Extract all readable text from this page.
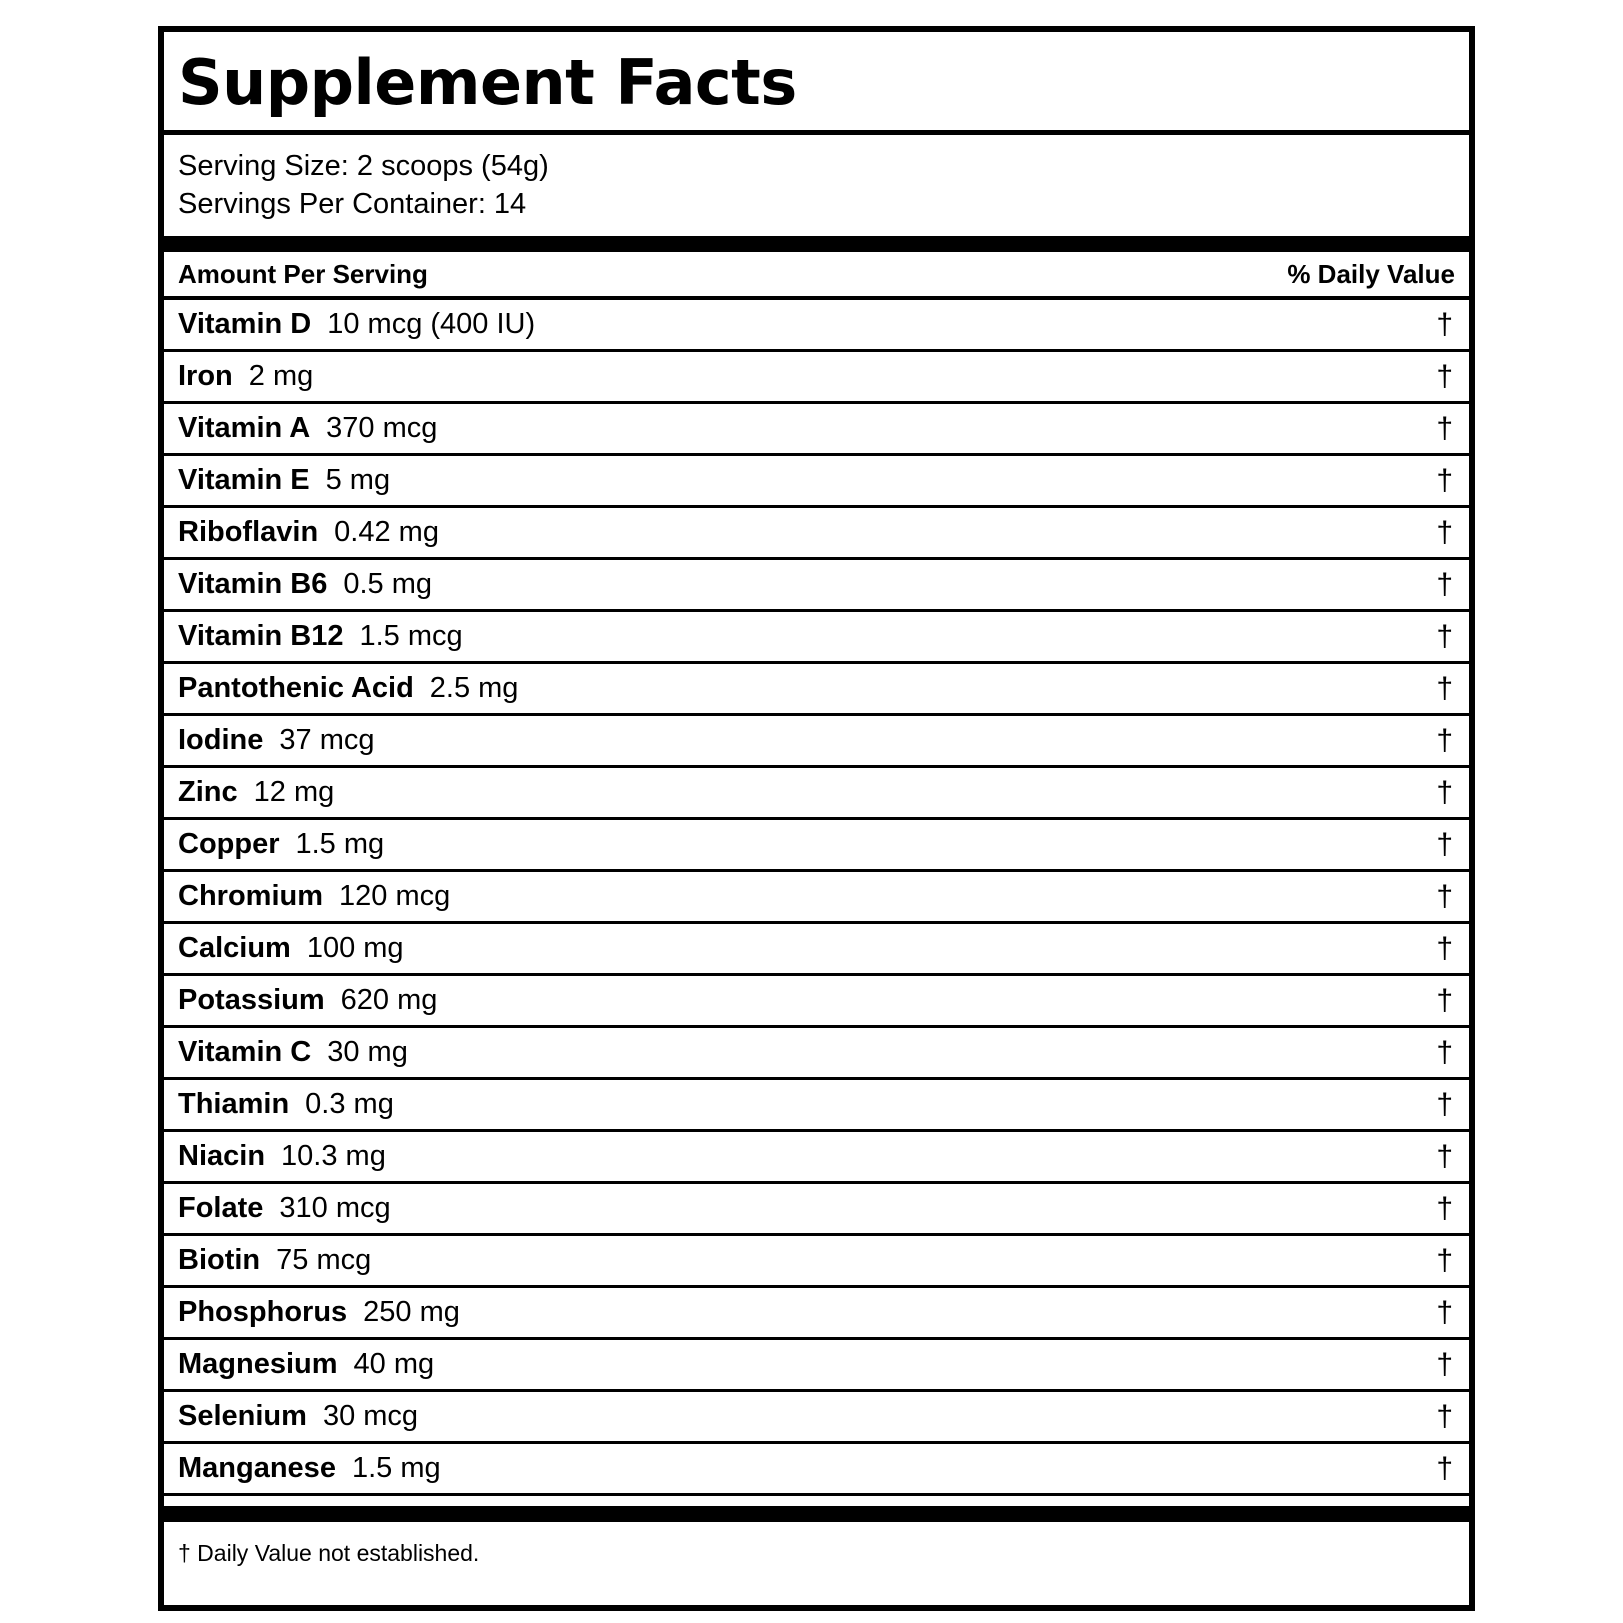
Supplement Facts
Serving Size: 2 scoops (54g)
Servings Per Container: 14
Amount Per Serving	% Daily Value
Vitamin D 10 mcg (400 IU)	†
Iron 2 mg	†
Vitamin A 370 mcg	†
Vitamin E 5 mg	†
Riboflavin 0.42 mg	†
Vitamin B6 0.5 mg	†
Vitamin B12 1.5 mcg	†
Pantothenic Acid 2.5 mg	†
Iodine 37 mcg	†
Zinc 12 mg	†
Copper 1.5 mg	†
Chromium 120 mcg	†
Calcium 100 mg	†
Potassium 620 mg	†
Vitamin C 30 mg	†
Thiamin 0.3 mg	†
Niacin 10.3 mg	†
Folate 310 mcg	†
Biotin 75 mcg	†
Phosphorus 250 mg	†
Magnesium 40 mg	†
Selenium 30 mcg	†
Manganese 1.5 mg	†
† Daily Value not established.
